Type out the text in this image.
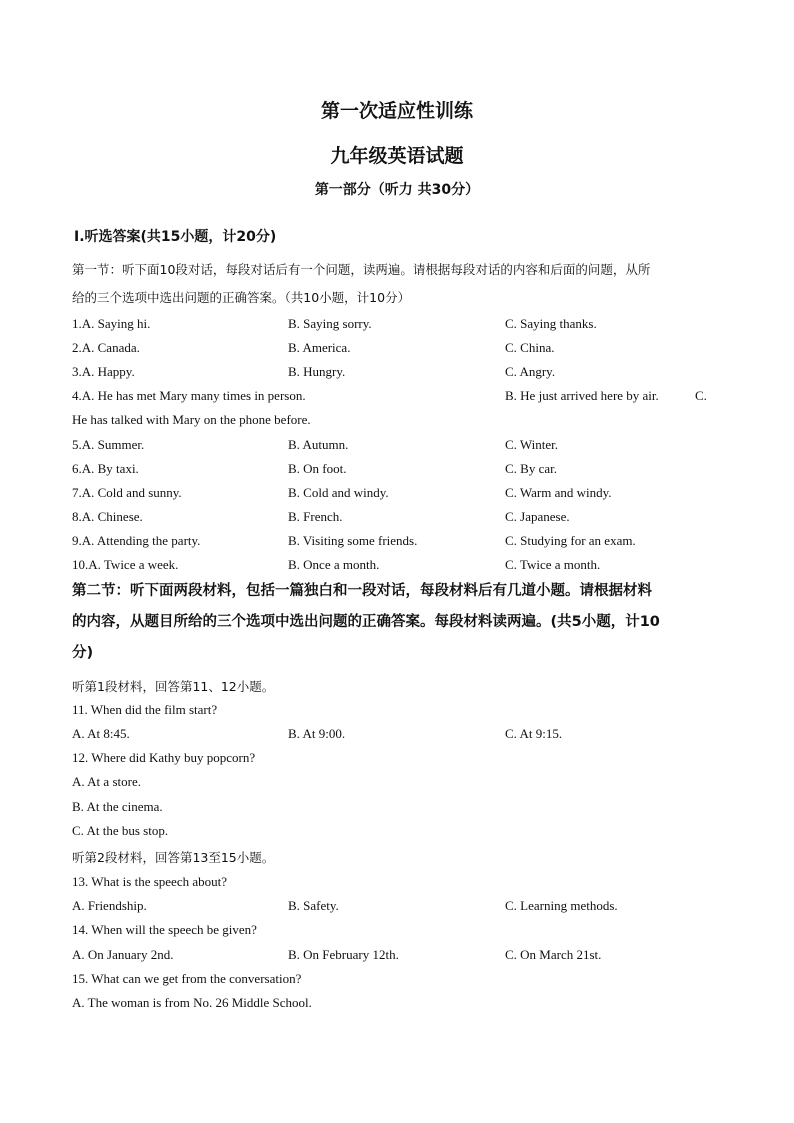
第一次适应性训练
九年级英语试题
第一部分（听力 共30分）
Ⅰ.听选答案(共15小题，计20分)
第一节：听下面10段对话，每段对话后有一个问题，读两遍。请根据每段对话的内容和后面的问题，从所
给的三个选项中选出问题的正确答案。（共10小题，计10分）
1.A. Saying hi.	B. Saying sorry.	C. Saying thanks.
2.A. Canada.	B. America.	C. China.
3.A. Happy.	B. Hungry.	C. Angry.
4.A. He has met Mary many times in person.	B. He just arrived here by air.	C.
He has talked with Mary on the phone before.
5.A. Summer.	B. Autumn.	C. Winter.
6.A. By taxi.	B. On foot.	C. By car.
7.A. Cold and sunny.	B. Cold and windy.	C. Warm and windy.
8.A. Chinese.	B. French.	C. Japanese.
9.A. Attending the party.	B. Visiting some friends.	C. Studying for an exam.
10.A. Twice a week.	B. Once a month.	C. Twice a month.
第二节：听下面两段材料，包括一篇独白和一段对话，每段材料后有几道小题。请根据材料
的内容，从题目所给的三个选项中选出问题的正确答案。每段材料读两遍。(共5小题，计10
分)
听第1段材料，回答第11、12小题。
11. When did the film start?
A. At 8:45.	B. At 9:00.	C. At 9:15.
12. Where did Kathy buy popcorn?
A. At a store.
B. At the cinema.
C. At the bus stop.
听第2段材料，回答第13至15小题。
13. What is the speech about?
A. Friendship.	B. Safety.	C. Learning methods.
14. When will the speech be given?
A. On January 2nd.	B. On February 12th.	C. On March 21st.
15. What can we get from the conversation?
A. The woman is from No. 26 Middle School.
